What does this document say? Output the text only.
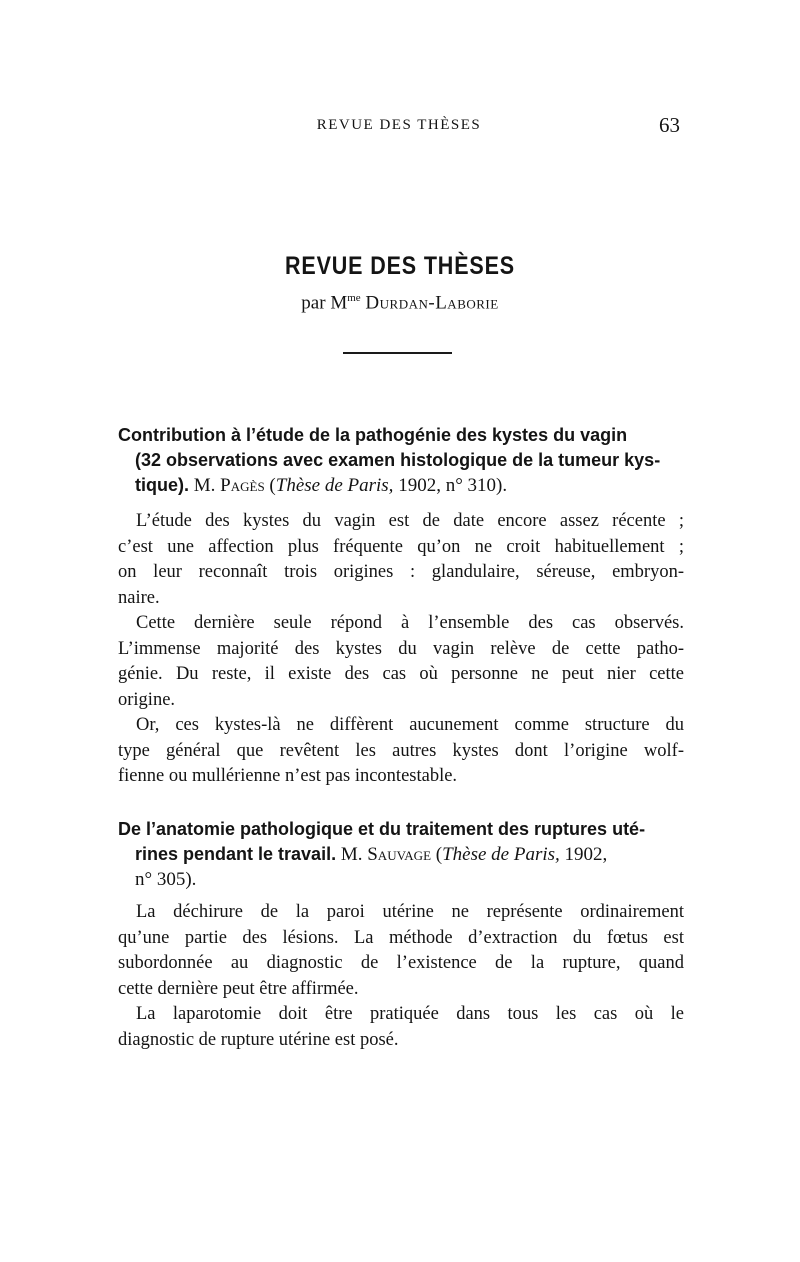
REVUE DES THÈSES	63
REVUE DES THÈSES
par $M^{me}$ Durdan-Laborie
Contribution à l’étude de la pathogénie des kystes du vagin
(32 observations avec examen histologique de la tumeur kys-
tique). M. Pagès (Thèse de Paris, 1902, n° 310).
L’étude des kystes du vagin est de date encore assez récente ;
c’est une affection plus fréquente qu’on ne croit habituellement ;
on leur reconnaît trois origines : glandulaire, séreuse, embryon-
naire.
Cette dernière seule répond à l’ensemble des cas observés.
L’immense majorité des kystes du vagin relève de cette patho-
génie. Du reste, il existe des cas où personne ne peut nier cette
origine.
Or, ces kystes-là ne diffèrent aucunement comme structure du
type général que revêtent les autres kystes dont l’origine wolf-
fienne ou mullérienne n’est pas incontestable.
De l’anatomie pathologique et du traitement des ruptures uté-
rines pendant le travail. M. Sauvage (Thèse de Paris, 1902,
n° 305).
La déchirure de la paroi utérine ne représente ordinairement
qu’une partie des lésions. La méthode d’extraction du fœtus est
subordonnée au diagnostic de l’existence de la rupture, quand
cette dernière peut être affirmée.
La laparotomie doit être pratiquée dans tous les cas où le
diagnostic de rupture utérine est posé.
